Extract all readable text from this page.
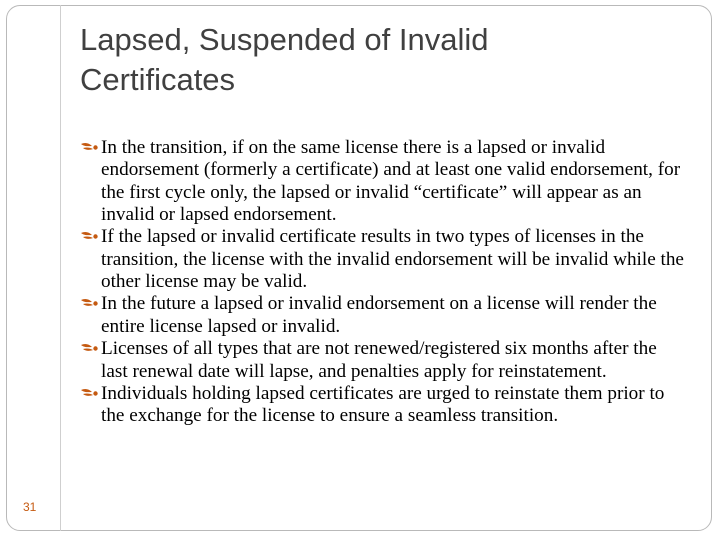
Lapsed, Suspended of Invalid
Certificates
In the transition, if on the same license there is a lapsed or invalid endorsement (formerly a certificate) and at least one valid endorsement, for the first cycle only, the lapsed or invalid “certificate” will appear as an invalid or lapsed endorsement.
If the lapsed or invalid certificate results in two types of licenses in the transition, the license with the invalid endorsement will be invalid while the other license may be valid.
In the future a lapsed or invalid endorsement on a license will render the entire license lapsed or invalid.
Licenses of all types that are not renewed/registered six months after the last renewal date will lapse, and penalties apply for reinstatement.
Individuals holding lapsed certificates are urged to reinstate them prior to the exchange for the license to ensure a seamless transition.
31
